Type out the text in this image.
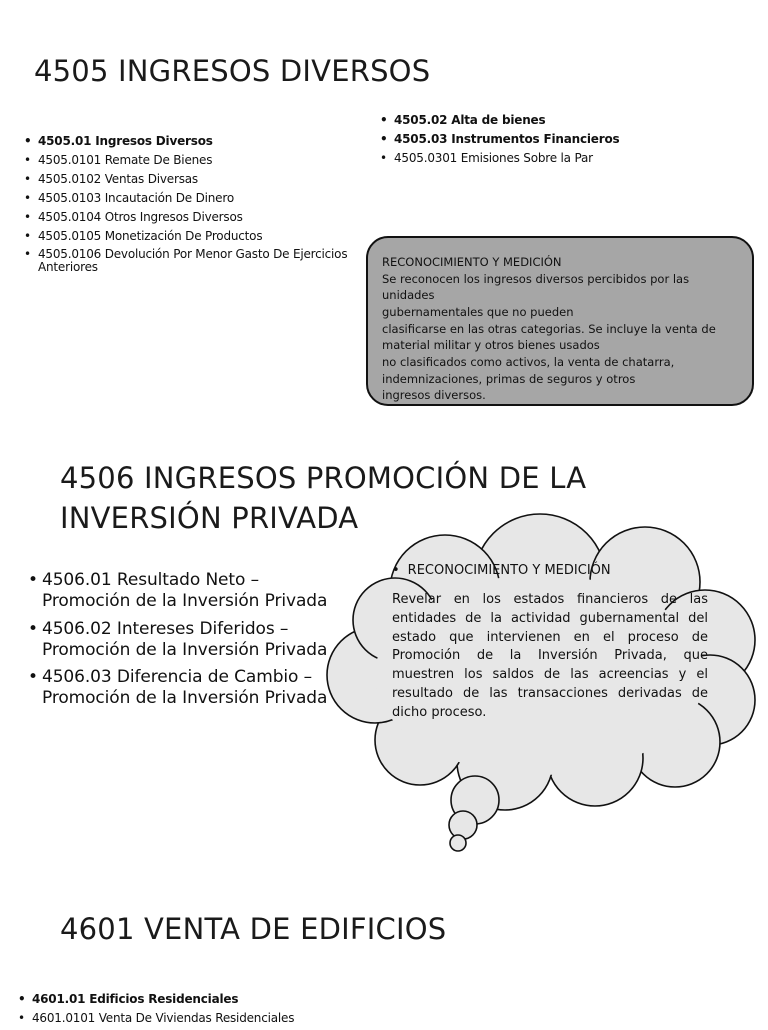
4505 INGRESOS DIVERSOS
• 4505.01 Ingresos Diversos
• 4505.0101 Remate De Bienes
• 4505.0102 Ventas Diversas
• 4505.0103 Incautación De Dinero
• 4505.0104 Otros Ingresos Diversos
• 4505.0105 Monetización De Productos
• 4505.0106 Devolución Por Menor Gasto De Ejercicios Anteriores
• 4505.02 Alta de bienes
• 4505.03 Instrumentos Financieros
• 4505.0301 Emisiones Sobre la Par
RECONOCIMIENTO Y MEDICIÓN
Se reconocen los ingresos diversos percibidos por las unidades
gubernamentales que no pueden
clasificarse en las otras categorias. Se incluye la venta de
material militar y otros bienes usados
no clasificados como activos, la venta de chatarra,
indemnizaciones, primas de seguros y otros
ingresos diversos.
4506 INGRESOS PROMOCIÓN DE LA
INVERSIÓN PRIVADA
• 4506.01 Resultado Neto – Promoción de la Inversión Privada
• 4506.02 Intereses Diferidos – Promoción de la Inversión Privada
• 4506.03 Diferencia de Cambio – Promoción de la Inversión Privada
• RECONOCIMIENTO Y MEDICIÓN
Revelar en los estados financieros de las entidades de la actividad gubernamental del estado que intervienen en el proceso de Promoción de la Inversión Privada, que muestren los saldos de las acreencias y el resultado de las transacciones derivadas de dicho proceso.
4601 VENTA DE EDIFICIOS
• 4601.01 Edificios Residenciales
• 4601.0101 Venta De Viviendas Residenciales
